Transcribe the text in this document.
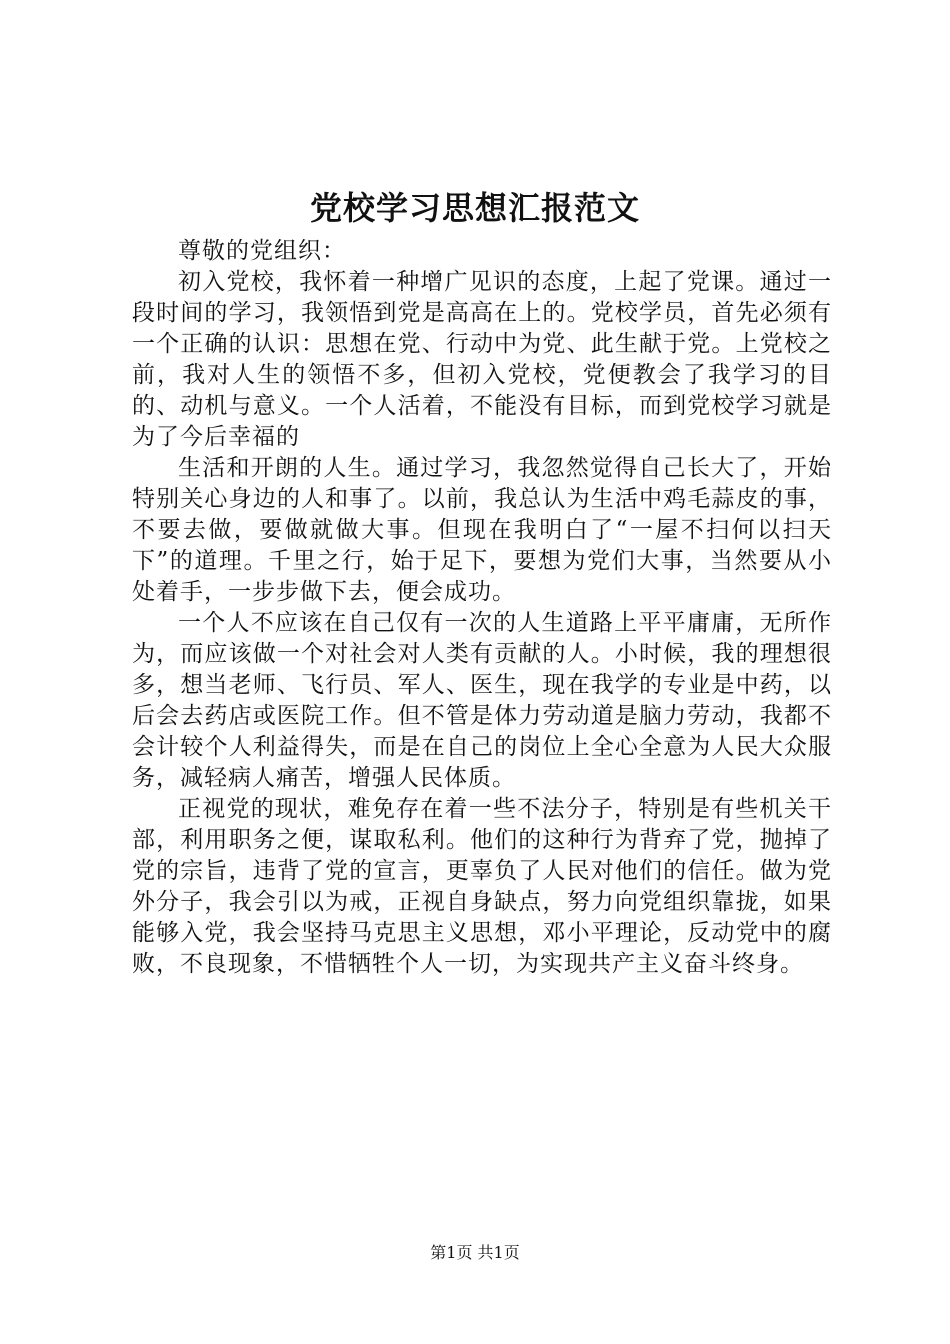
党校学习思想汇报范文

尊敬的党组织：

初入党校，我怀着一种增广见识的态度，上起了党课。通过一段时间的学习，我领悟到党是高高在上的。党校学员，首先必须有一个正确的认识：思想在党、行动中为党、此生献于党。上党校之前，我对人生的领悟不多，但初入党校，党便教会了我学习的目的、动机与意义。一个人活着，不能没有目标，而到党校学习就是为了今后幸福的

生活和开朗的人生。通过学习，我忽然觉得自己长大了，开始特别关心身边的人和事了。以前，我总认为生活中鸡毛蒜皮的事，不要去做，要做就做大事。但现在我明白了“一屋不扫何以扫天下”的道理。千里之行，始于足下，要想为党们大事，当然要从小处着手，一步步做下去，便会成功。

一个人不应该在自己仅有一次的人生道路上平平庸庸，无所作为，而应该做一个对社会对人类有贡献的人。小时候，我的理想很多，想当老师、飞行员、军人、医生，现在我学的专业是中药，以后会去药店或医院工作。但不管是体力劳动道是脑力劳动，我都不会计较个人利益得失，而是在自己的岗位上全心全意为人民大众服务，减轻病人痛苦，增强人民体质。

正视党的现状，难免存在着一些不法分子，特别是有些机关干部，利用职务之便，谋取私利。他们的这种行为背弃了党，抛掉了党的宗旨，违背了党的宣言，更辜负了人民对他们的信任。做为党外分子，我会引以为戒，正视自身缺点，努力向党组织靠拢，如果能够入党，我会坚持马克思主义思想，邓小平理论，反动党中的腐败，不良现象，不惜牺牲个人一切，为实现共产主义奋斗终身。

第1页 共1页
